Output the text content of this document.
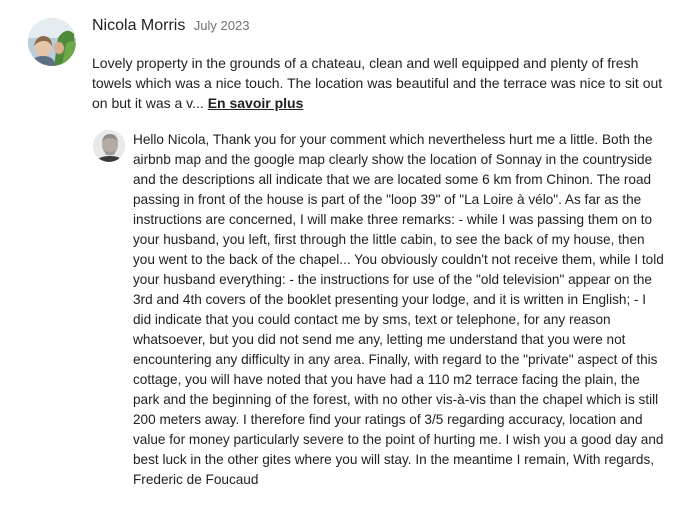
Nicola Morris July 2023
Lovely property in the grounds of a chateau, clean and well equipped and plenty of fresh towels which was a nice touch. The location was beautiful and the terrace was nice to sit out on but it was a v... En savoir plus
Hello Nicola, Thank you for your comment which nevertheless hurt me a little. Both the airbnb map and the google map clearly show the location of Sonnay in the countryside and the descriptions all indicate that we are located some 6 km from Chinon. The road passing in front of the house is part of the "loop 39" of "La Loire à vélo". As far as the instructions are concerned, I will make three remarks: - while I was passing them on to your husband, you left, first through the little cabin, to see the back of my house, then you went to the back of the chapel... You obviously couldn't not receive them, while I told your husband everything: - the instructions for use of the "old television" appear on the 3rd and 4th covers of the booklet presenting your lodge, and it is written in English; - I did indicate that you could contact me by sms, text or telephone, for any reason whatsoever, but you did not send me any, letting me understand that you were not encountering any difficulty in any area. Finally, with regard to the "private" aspect of this cottage, you will have noted that you have had a 110 m2 terrace facing the plain, the park and the beginning of the forest, with no other vis-à-vis than the chapel which is still 200 meters away. I therefore find your ratings of 3/5 regarding accuracy, location and value for money particularly severe to the point of hurting me. I wish you a good day and best luck in the other gites where you will stay. In the meantime I remain, With regards, Frederic de Foucaud
